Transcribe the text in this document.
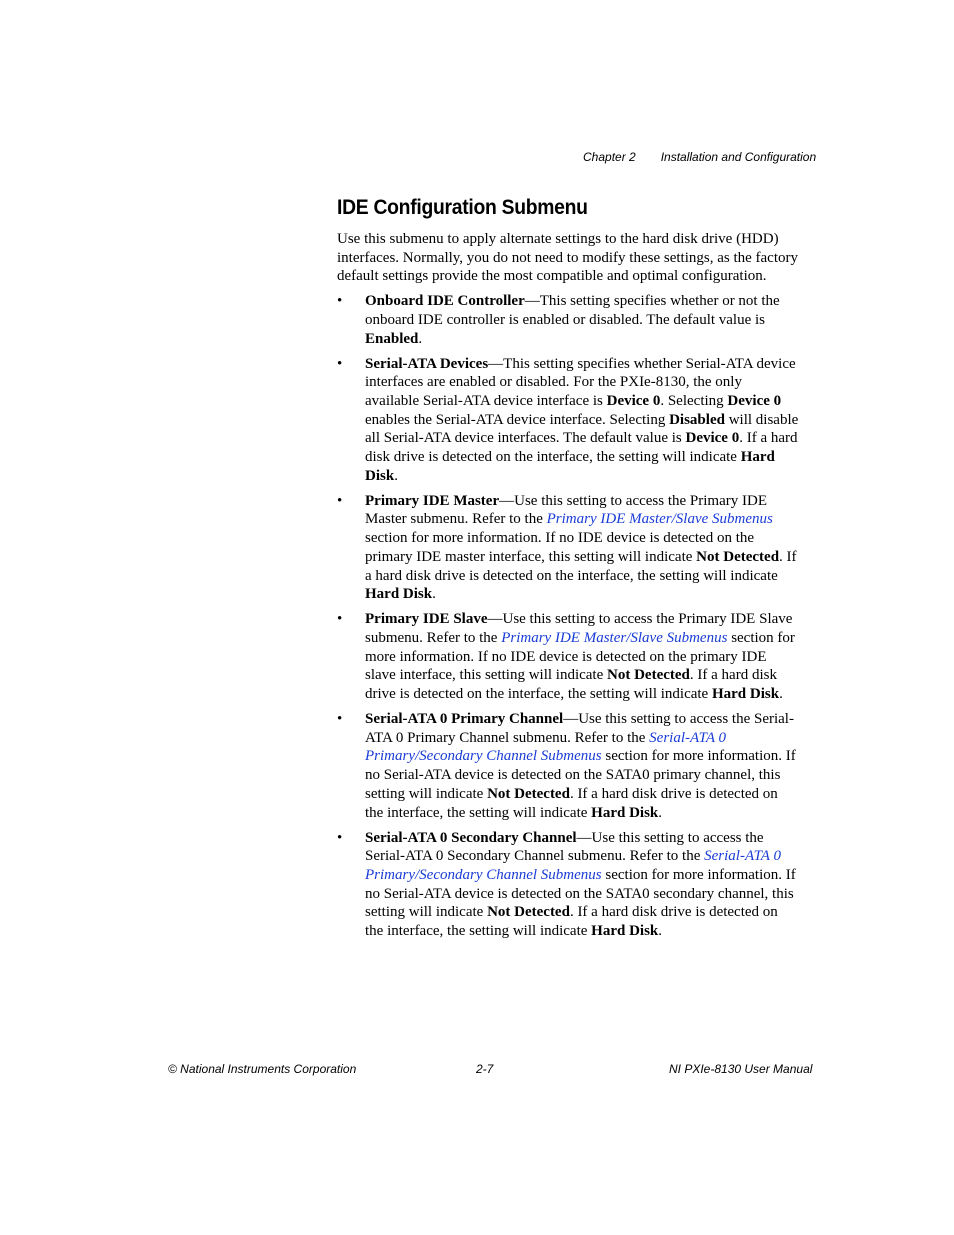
Chapter 2 Installation and Configuration
IDE Configuration Submenu

Use this submenu to apply alternate settings to the hard disk drive (HDD) interfaces. Normally, you do not need to modify these settings, as the factory default settings provide the most compatible and optimal configuration.

• Onboard IDE Controller—This setting specifies whether or not the onboard IDE controller is enabled or disabled. The default value is Enabled.
• Serial-ATA Devices—This setting specifies whether Serial-ATA device interfaces are enabled or disabled. For the PXIe-8130, the only available Serial-ATA device interface is Device 0. Selecting Device 0 enables the Serial-ATA device interface. Selecting Disabled will disable all Serial-ATA device interfaces. The default value is Device 0. If a hard disk drive is detected on the interface, the setting will indicate Hard Disk.
• Primary IDE Master—Use this setting to access the Primary IDE Master submenu. Refer to the Primary IDE Master/Slave Submenus section for more information. If no IDE device is detected on the primary IDE master interface, this setting will indicate Not Detected. If a hard disk drive is detected on the interface, the setting will indicate Hard Disk.
• Primary IDE Slave—Use this setting to access the Primary IDE Slave submenu. Refer to the Primary IDE Master/Slave Submenus section for more information. If no IDE device is detected on the primary IDE slave interface, this setting will indicate Not Detected. If a hard disk drive is detected on the interface, the setting will indicate Hard Disk.
• Serial-ATA 0 Primary Channel—Use this setting to access the Serial-ATA 0 Primary Channel submenu. Refer to the Serial-ATA 0 Primary/Secondary Channel Submenus section for more information. If no Serial-ATA device is detected on the SATA0 primary channel, this setting will indicate Not Detected. If a hard disk drive is detected on the interface, the setting will indicate Hard Disk.
• Serial-ATA 0 Secondary Channel—Use this setting to access the Serial-ATA 0 Secondary Channel submenu. Refer to the Serial-ATA 0 Primary/Secondary Channel Submenus section for more information. If no Serial-ATA device is detected on the SATA0 secondary channel, this setting will indicate Not Detected. If a hard disk drive is detected on the interface, the setting will indicate Hard Disk.
© National Instruments Corporation	2-7	NI PXIe-8130 User Manual
